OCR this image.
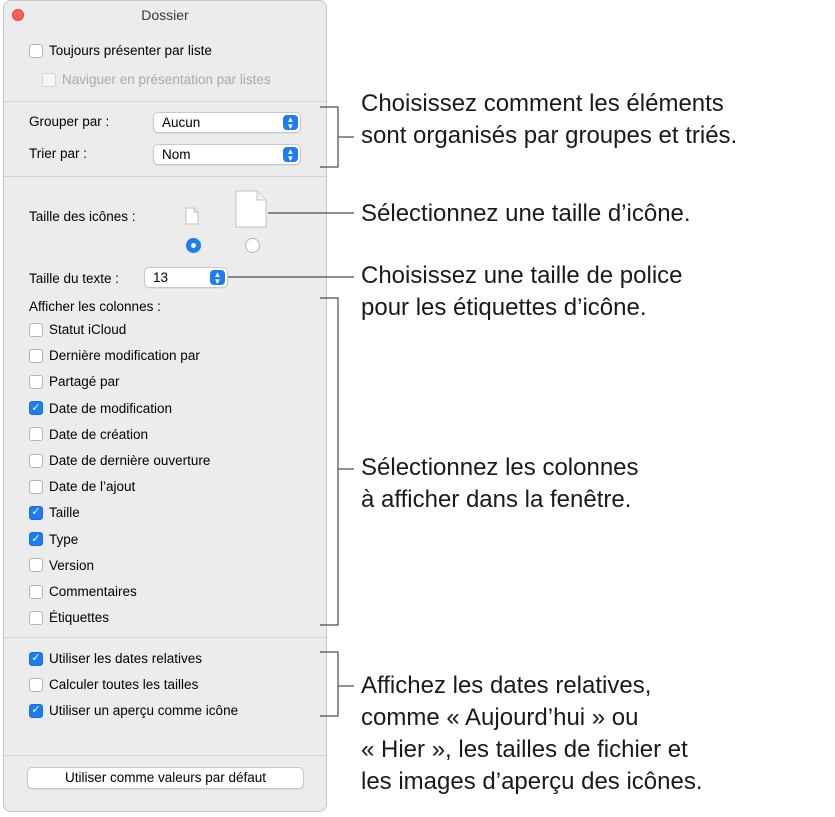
Dossier
Toujours présenter par liste
Naviguer en présentation par listes
Grouper par :	Aucun	▲
▼
Trier par :	Nom	▲
▼
Taille des icônes :
Taille du texte :	13	▲
▼
Afficher les colonnes :
Statut iCloud
Dernière modification par
Partagé par
✓ Date de modification
Date de création
Date de dernière ouverture
Date de l’ajout
✓ Taille
✓ Type
Version
Commentaires
Étiquettes
✓ Utiliser les dates relatives
Calculer toutes les tailles
✓ Utiliser un aperçu comme icône
Utiliser comme valeurs par défaut
Choisissez comment les éléments
sont organisés par groupes et triés.
Sélectionnez une taille d’icône.
Choisissez une taille de police
pour les étiquettes d’icône.
Sélectionnez les colonnes
à afficher dans la fenêtre.
Affichez les dates relatives,
comme « Aujourd’hui » ou
« Hier », les tailles de fichier et
les images d’aperçu des icônes.
